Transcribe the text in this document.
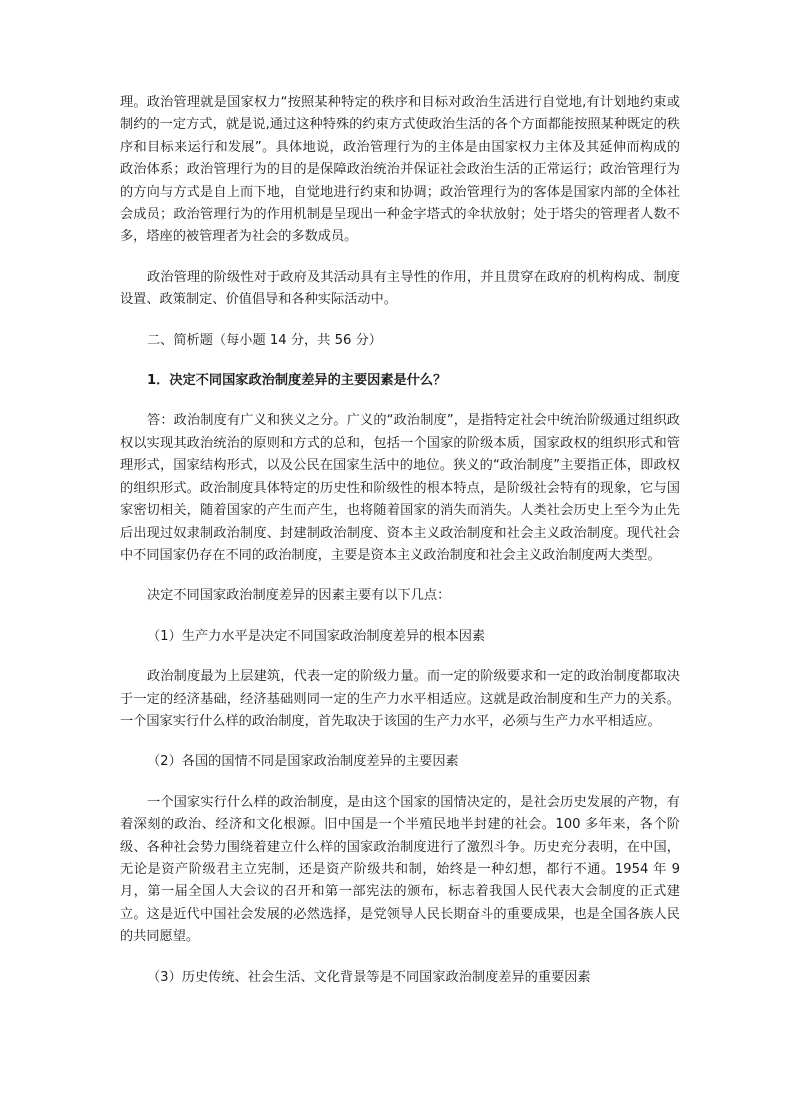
理。政治管理就是国家权力“按照某种特定的秩序和目标对政治生活进行自觉地,有计划地约束或制约的一定方式，就是说,通过这种特殊的约束方式使政治生活的各个方面都能按照某种既定的秩序和目标来运行和发展”。具体地说，政治管理行为的主体是由国家权力主体及其延伸而构成的政治体系；政治管理行为的目的是保障政治统治并保证社会政治生活的正常运行；政治管理行为的方向与方式是自上而下地，自觉地进行约束和协调；政治管理行为的客体是国家内部的全体社会成员；政治管理行为的作用机制是呈现出一种金字塔式的伞状放射；处于塔尖的管理者人数不多，塔座的被管理者为社会的多数成员。

政治管理的阶级性对于政府及其活动具有主导性的作用，并且贯穿在政府的机构构成、制度设置、政策制定、价值倡导和各种实际活动中。

二、简析题（每小题 14 分，共 56 分）

1．决定不同国家政治制度差异的主要因素是什么？

答：政治制度有广义和狭义之分。广义的“政治制度”，是指特定社会中统治阶级通过组织政权以实现其政治统治的原则和方式的总和，包括一个国家的阶级本质，国家政权的组织形式和管理形式，国家结构形式，以及公民在国家生活中的地位。狭义的“政治制度”主要指正体，即政权的组织形式。政治制度具体特定的历史性和阶级性的根本特点，是阶级社会特有的现象，它与国家密切相关，随着国家的产生而产生，也将随着国家的消失而消失。人类社会历史上至今为止先后出现过奴隶制政治制度、封建制政治制度、资本主义政治制度和社会主义政治制度。现代社会中不同国家仍存在不同的政治制度，主要是资本主义政治制度和社会主义政治制度两大类型。

决定不同国家政治制度差异的因素主要有以下几点：

（1）生产力水平是决定不同国家政治制度差异的根本因素

政治制度最为上层建筑，代表一定的阶级力量。而一定的阶级要求和一定的政治制度都取决于一定的经济基础，经济基础则同一定的生产力水平相适应。这就是政治制度和生产力的关系。一个国家实行什么样的政治制度，首先取决于该国的生产力水平，必须与生产力水平相适应。

（2）各国的国情不同是国家政治制度差异的主要因素

一个国家实行什么样的政治制度，是由这个国家的国情决定的，是社会历史发展的产物，有着深刻的政治、经济和文化根源。旧中国是一个半殖民地半封建的社会。100 多年来，各个阶级、各种社会势力围绕着建立什么样的国家政治制度进行了激烈斗争。历史充分表明，在中国，无论是资产阶级君主立宪制，还是资产阶级共和制，始终是一种幻想，都行不通。1954 年 9 月，第一届全国人大会议的召开和第一部宪法的颁布，标志着我国人民代表大会制度的正式建立。这是近代中国社会发展的必然选择，是党领导人民长期奋斗的重要成果，也是全国各族人民的共同愿望。

（3）历史传统、社会生活、文化背景等是不同国家政治制度差异的重要因素
